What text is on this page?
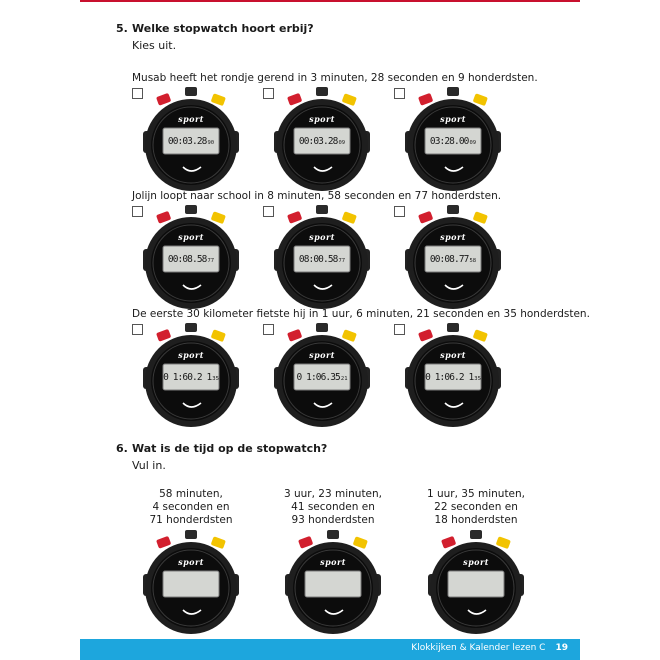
5. Welke stopwatch hoort erbij?
Kies uit.
Musab heeft het rondje gerend in 3 minuten, 28 seconden en 9 honderdsten.
sport
00:03.28 90
sport
00:03.28 09
sport
03:28.00 09
Jolijn loopt naar school in 8 minuten, 58 seconden en 77 honderdsten.
sport
00:08.58 77
sport
08:00.58 77
sport
00:08.77 58
De eerste 30 kilometer fietste hij in 1 uur, 6 minuten, 21 seconden en 35 honderdsten.
sport
0 1:60.2 1 35
sport
0 1:06.35 21
sport
0 1:06.2 1 35
6. Wat is de tijd op de stopwatch?
Vul in.
58 minuten,
4 seconden en
71 honderdsten
sport
3 uur, 23 minuten,
41 seconden en
93 honderdsten
sport
1 uur, 35 minuten,
22 seconden en
18 honderdsten
sport
Klokkijken & Kalender lezen C 19
